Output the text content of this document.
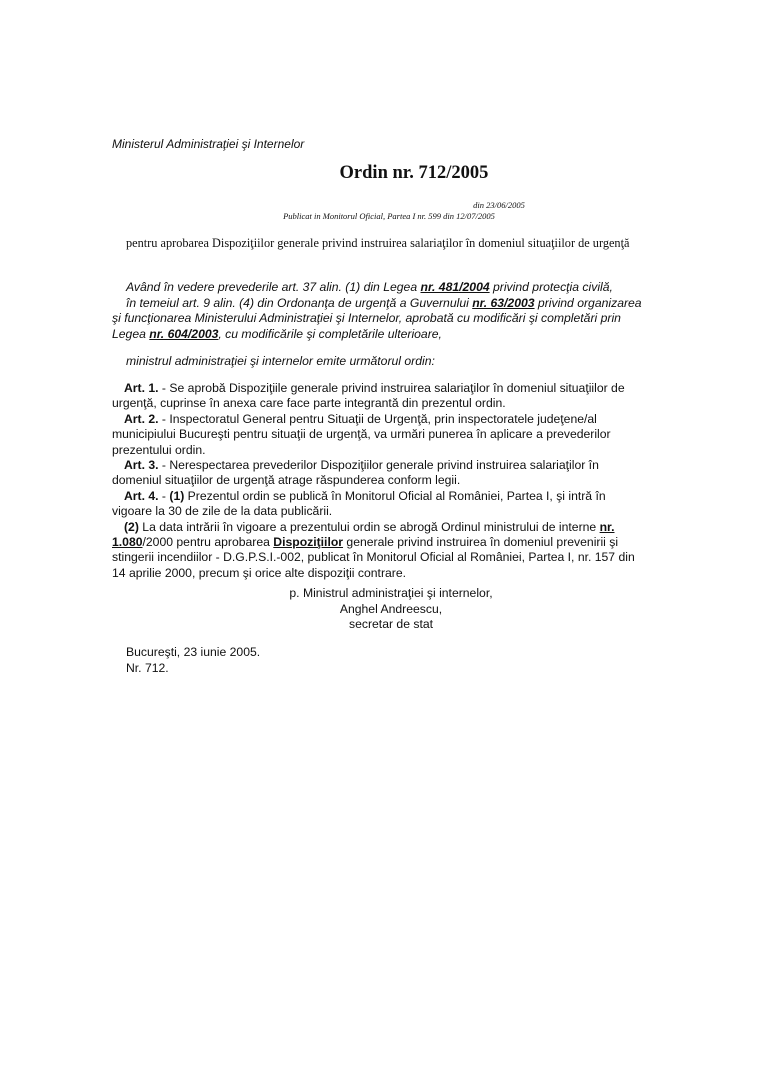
Ministerul Administraţiei şi Internelor
Ordin nr. 712/2005
din 23/06/2005
Publicat in Monitorul Oficial, Partea I nr. 599 din 12/07/2005
pentru aprobarea Dispoziţiilor generale privind instruirea salariaţilor în domeniul situaţiilor de urgenţă

Având în vedere prevederile art. 37 alin. (1) din Legea nr. 481/2004 privind protecţia civilă,

în temeiul art. 9 alin. (4) din Ordonanţa de urgenţă a Guvernului nr. 63/2003 privind organizarea şi funcţionarea Ministerului Administraţiei şi Internelor, aprobată cu modificări şi completări prin Legea nr. 604/2003, cu modificările şi completările ulterioare,

ministrul administraţiei şi internelor emite următorul ordin:

Art. 1. - Se aprobă Dispoziţiile generale privind instruirea salariaţilor în domeniul situaţiilor de urgenţă, cuprinse în anexa care face parte integrantă din prezentul ordin.

Art. 2. - Inspectoratul General pentru Situaţii de Urgenţă, prin inspectoratele judeţene/al municipiului Bucureşti pentru situaţii de urgenţă, va urmări punerea în aplicare a prevederilor prezentului ordin.

Art. 3. - Nerespectarea prevederilor Dispoziţiilor generale privind instruirea salariaţilor în domeniul situaţiilor de urgenţă atrage răspunderea conform legii.

Art. 4. - (1) Prezentul ordin se publică în Monitorul Oficial al României, Partea I, şi intră în vigoare la 30 de zile de la data publicării.

(2) La data intrării în vigoare a prezentului ordin se abrogă Ordinul ministrului de interne nr. 1.080/2000 pentru aprobarea Dispoziţiilor generale privind instruirea în domeniul prevenirii şi stingerii incendiilor - D.G.P.S.I.-002, publicat în Monitorul Oficial al României, Partea I, nr. 157 din 14 aprilie 2000, precum şi orice alte dispoziţii contrare.

p. Ministrul administraţiei şi internelor,
Anghel Andreescu,
secretar de stat
Bucureşti, 23 iunie 2005.
Nr. 712.
